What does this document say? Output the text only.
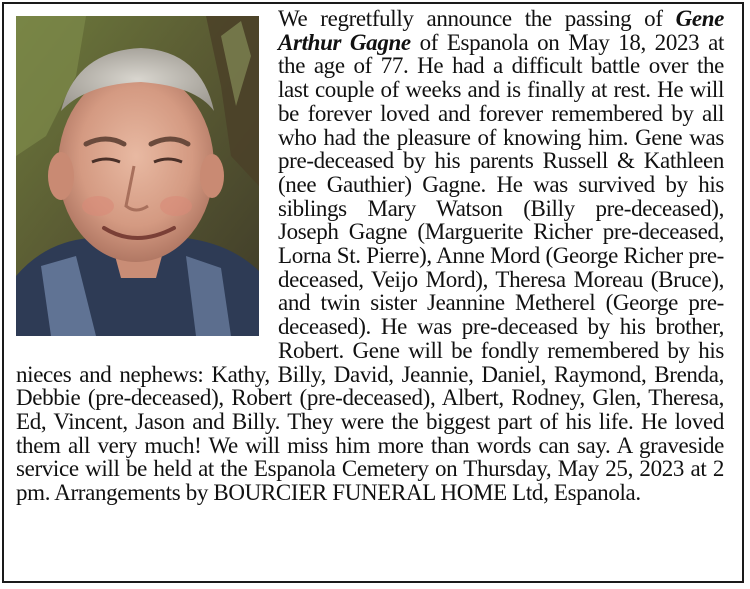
We regretfully announce the passing of Gene Arthur Gagne of Espanola on May 18, 2023 at the age of 77. He had a difficult battle over the last couple of weeks and is finally at rest. He will be forever loved and forever remembered by all who had the pleasure of knowing him. Gene was pre-deceased by his parents Russell & Kathleen (nee Gauthier) Gagne. He was survived by his siblings Mary Watson (Billy pre-deceased), Joseph Gagne (Marguerite Richer pre-deceased, Lorna St. Pierre), Anne Mord (George Richer pre-deceased, Veijo Mord), Theresa Moreau (Bruce), and twin sister Jeannine Metherel (George pre-deceased). He was pre-deceased by his brother, Robert. Gene will be fondly remembered by his nieces and nephews: Kathy, Billy, David, Jeannie, Daniel, Raymond, Brenda, Debbie (pre-deceased), Robert (pre-deceased), Albert, Rodney, Glen, Theresa, Ed, Vincent, Jason and Billy. They were the biggest part of his life. He loved them all very much! We will miss him more than words can say. A graveside service will be held at the Espanola Cemetery on Thursday, May 25, 2023 at 2 pm. Arrangements by BOURCIER FUNERAL HOME Ltd, Espanola.
